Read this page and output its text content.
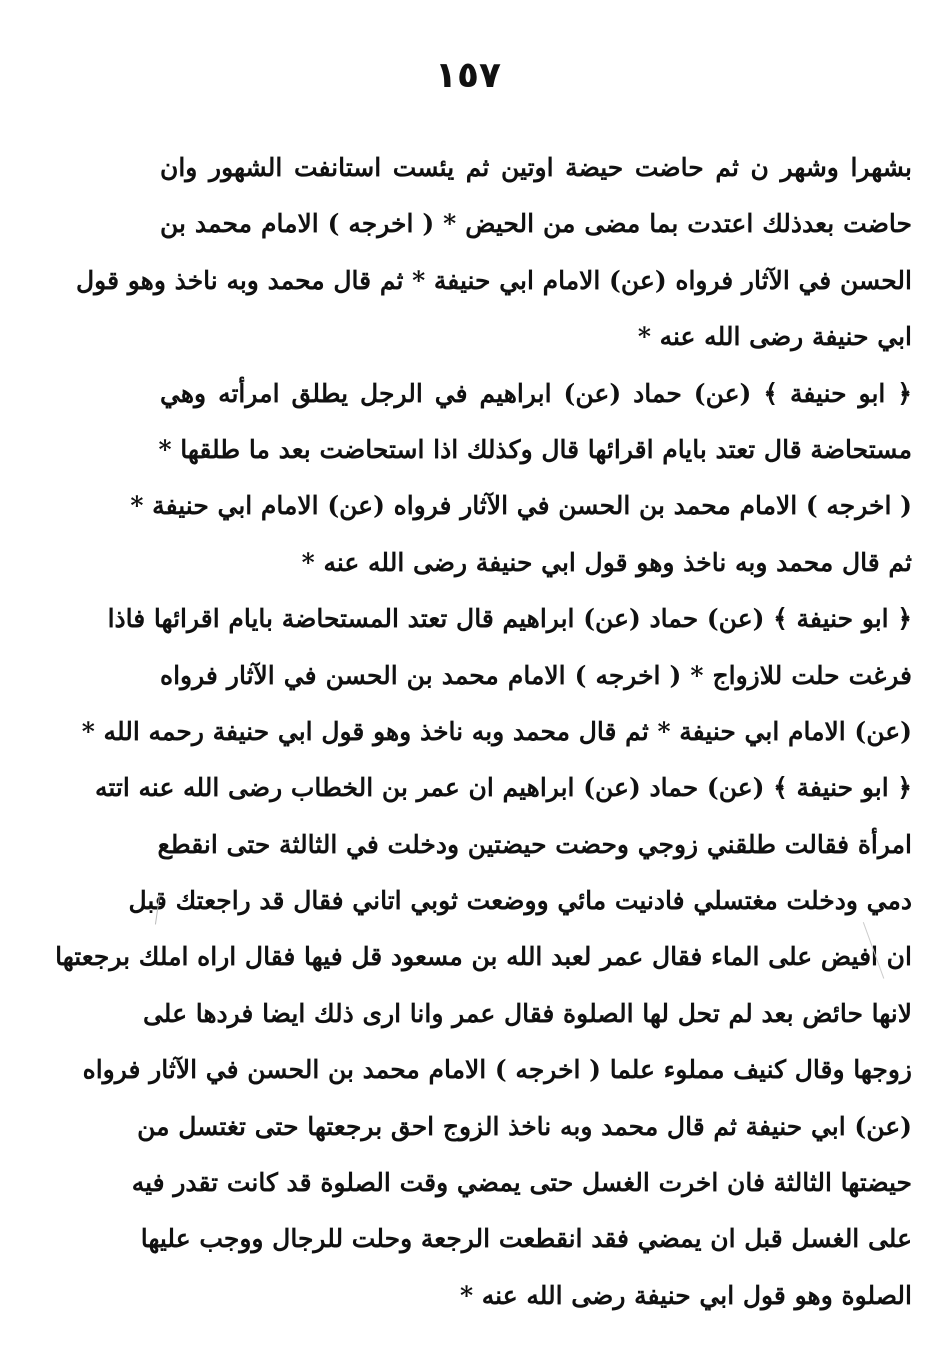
١٥٧
بشهرا وشهر ن ثم حاضت حيضة اوتين ثم يئست استانفت الشهور وان
حاضت بعدذلك اعتدت بما مضى من الحيض * ( اخرجه ) الامام محمد بن
الحسن في الآثار فرواه (عن) الامام ابي حنيفة * ثم قال محمد وبه ناخذ وهو قول
ابي حنيفة رضى الله عنه *
﴿ ابو حنيفة ﴾ (عن) حماد (عن) ابراهيم في الرجل يطلق امرأته وهي
مستحاضة قال تعتد بايام اقرائها قال وكذلك اذا استحاضت بعد ما طلقها *
( اخرجه ) الامام محمد بن الحسن في الآثار فرواه (عن) الامام ابي حنيفة *
ثم قال محمد وبه ناخذ وهو قول ابي حنيفة رضى الله عنه *
﴿ ابو حنيفة ﴾ (عن) حماد (عن) ابراهيم قال تعتد المستحاضة بايام اقرائها فاذا
فرغت حلت للازواج * ( اخرجه ) الامام محمد بن الحسن في الآثار فرواه
(عن) الامام ابي حنيفة * ثم قال محمد وبه ناخذ وهو قول ابي حنيفة رحمه الله *
﴿ ابو حنيفة ﴾ (عن) حماد (عن) ابراهيم ان عمر بن الخطاب رضى الله عنه اتته
امرأة فقالت طلقني زوجي وحضت حيضتين ودخلت في الثالثة حتى انقطع
دمي ودخلت مغتسلي فادنيت مائي ووضعت ثوبي اتاني فقال قد راجعتك قبل
ان افيض على الماء فقال عمر لعبد الله بن مسعود قل فيها فقال اراه املك برجعتها
لانها حائض بعد لم تحل لها الصلوة فقال عمر وانا ارى ذلك ايضا فردها على
زوجها وقال كنيف مملوء علما ( اخرجه ) الامام محمد بن الحسن في الآثار فرواه
(عن) ابي حنيفة ثم قال محمد وبه ناخذ الزوج احق برجعتها حتى تغتسل من
حيضتها الثالثة فان اخرت الغسل حتى يمضي وقت الصلوة قد كانت تقدر فيه
على الغسل قبل ان يمضي فقد انقطعت الرجعة وحلت للرجال ووجب عليها
الصلوة وهو قول ابي حنيفة رضى الله عنه *
